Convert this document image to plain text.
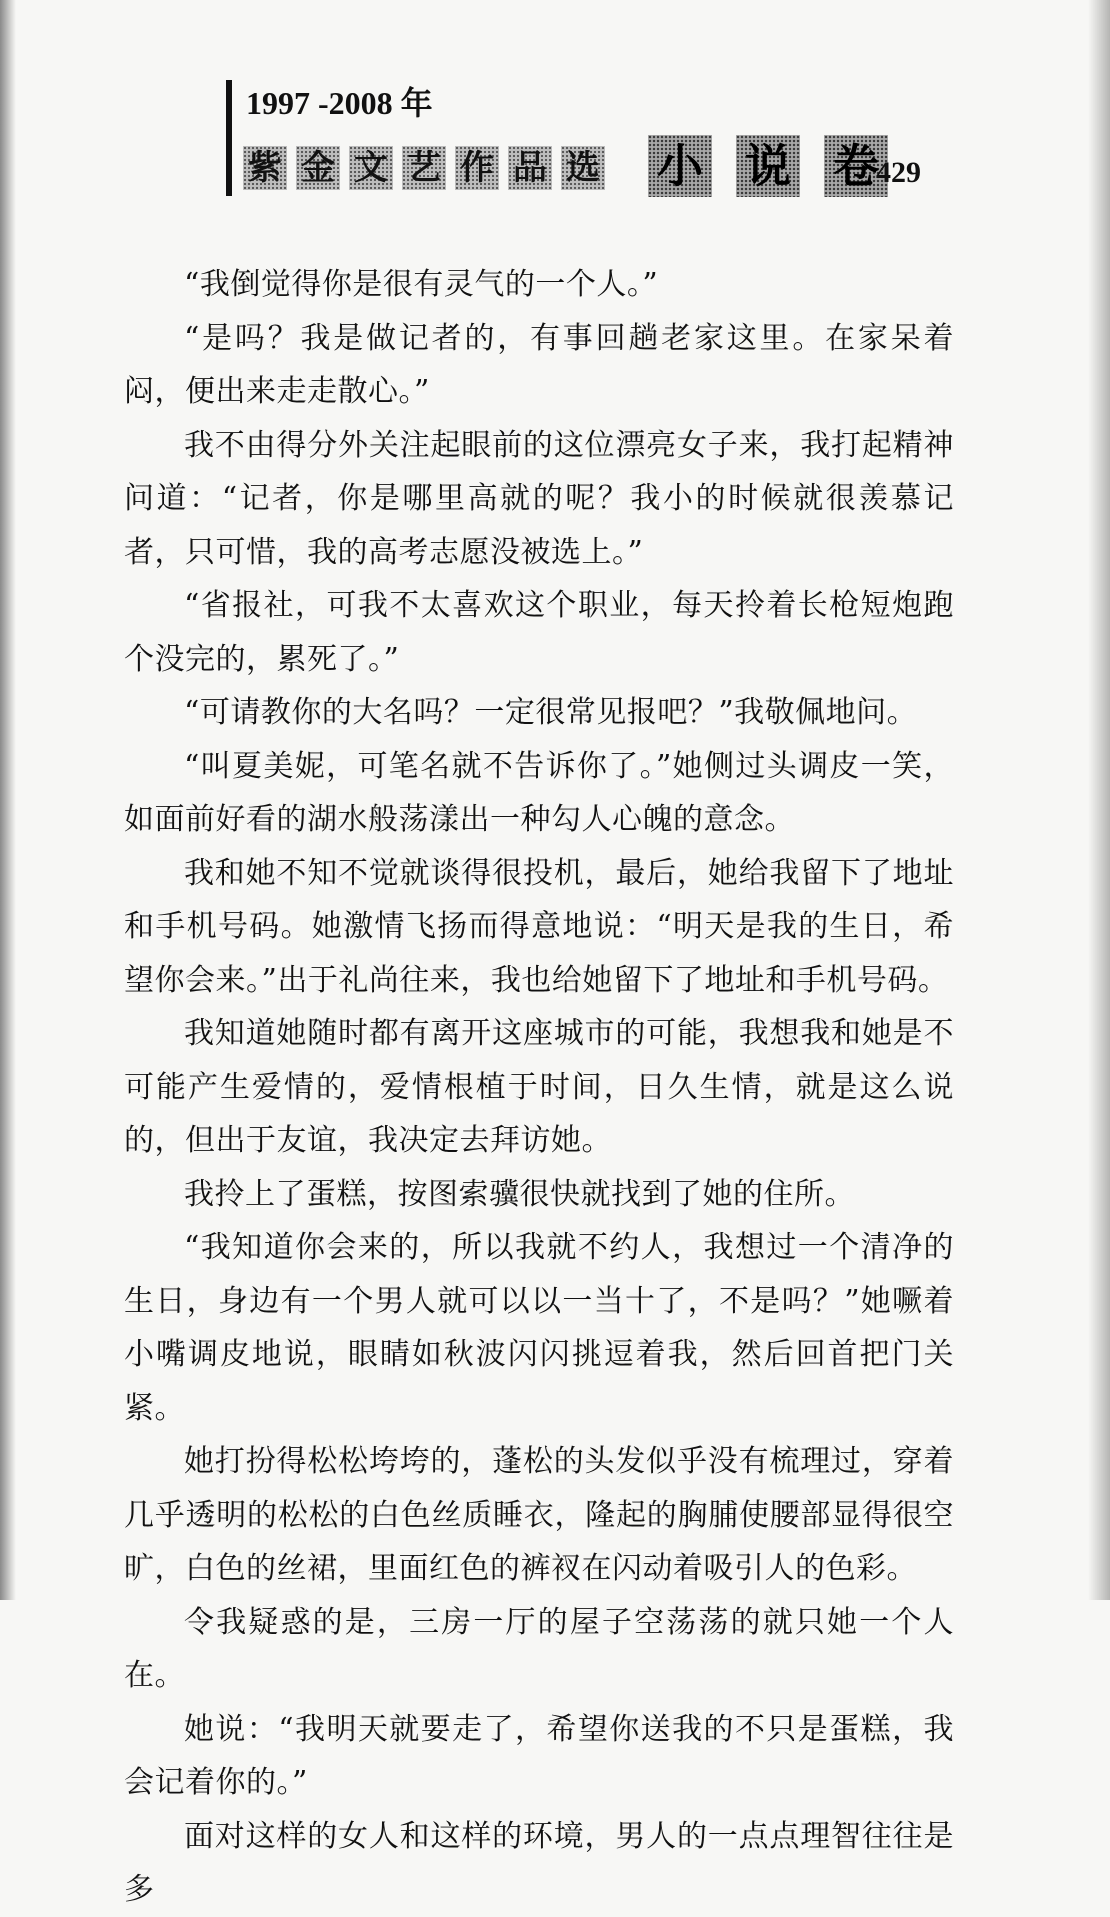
1997 -2008 年
紫 金 文 艺 作 品 选 小 说 卷
429

“我倒觉得你是很有灵气的一个人。”

“是吗？我是做记者的，有事回趟老家这里。在家呆着闷，便出来走走散心。”

我不由得分外关注起眼前的这位漂亮女子来，我打起精神问道：“记者，你是哪里高就的呢？我小的时候就很羡慕记者，只可惜，我的高考志愿没被选上。”

“省报社，可我不太喜欢这个职业，每天拎着长枪短炮跑个没完的，累死了。”

“可请教你的大名吗？一定很常见报吧？”我敬佩地问。

“叫夏美妮，可笔名就不告诉你了。”她侧过头调皮一笑，如面前好看的湖水般荡漾出一种勾人心魄的意念。

我和她不知不觉就谈得很投机，最后，她给我留下了地址和手机号码。她激情飞扬而得意地说：“明天是我的生日，希望你会来。”出于礼尚往来，我也给她留下了地址和手机号码。

我知道她随时都有离开这座城市的可能，我想我和她是不可能产生爱情的，爱情根植于时间，日久生情，就是这么说的，但出于友谊，我决定去拜访她。

我拎上了蛋糕，按图索骥很快就找到了她的住所。

“我知道你会来的，所以我就不约人，我想过一个清净的生日，身边有一个男人就可以以一当十了，不是吗？”她噘着小嘴调皮地说，眼睛如秋波闪闪挑逗着我，然后回首把门关紧。

她打扮得松松垮垮的，蓬松的头发似乎没有梳理过，穿着几乎透明的松松的白色丝质睡衣，隆起的胸脯使腰部显得很空旷，白色的丝裙，里面红色的裤衩在闪动着吸引人的色彩。

令我疑惑的是，三房一厅的屋子空荡荡的就只她一个人在。

她说：“我明天就要走了，希望你送我的不只是蛋糕，我会记着你的。”

面对这样的女人和这样的环境，男人的一点点理智往往是多
